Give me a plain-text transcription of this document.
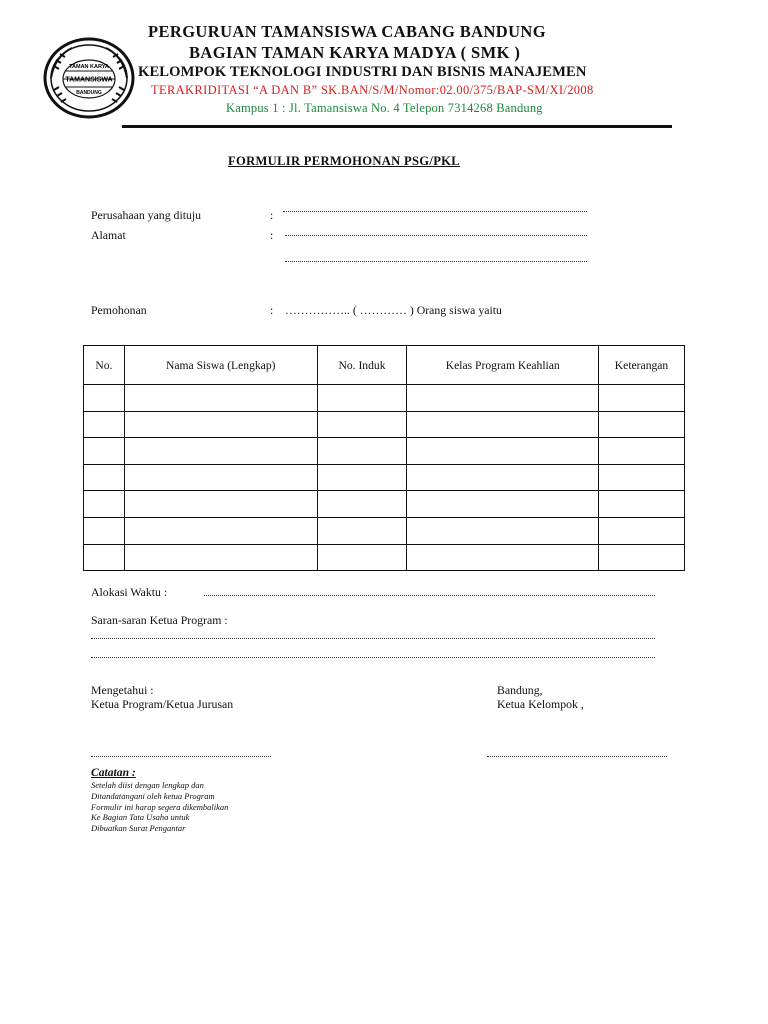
TAMAN KARYA
TAMANSISWA
BANDUNG
PERGURUAN TAMANSISWA CABANG BANDUNG
BAGIAN TAMAN KARYA MADYA ( SMK )
KELOMPOK TEKNOLOGI INDUSTRI DAN BISNIS MANAJEMEN
TERAKRIDITASI “A DAN B” SK.BAN/S/M/Nomor:02.00/375/BAP-SM/XI/2008
Kampus 1 : Jl. Tamansiswa No. 4 Telepon 7314268 Bandung
FORMULIR PERMOHONAN PSG/PKL
Perusahaan yang dituju	:
Alamat	:
Pemohonan	: …………….. ( ………… ) Orang siswa yaitu
No.	Nama Siswa (Lengkap)	No. Induk	Kelas Program Keahlian	Keterangan

Alokasi Waktu :
Saran-saran Ketua Program :
Mengetahui :
Ketua Program/Ketua Jurusan
Bandung,
Ketua Kelompok ,
Catatan :
Setelah diisi dengan lengkap dan
Ditandatangani oleh ketua Program
Formulir ini harap segera dikembalikan
Ke Bagian Tata Usaha untuk
Dibuatkan Surat Pengantar
